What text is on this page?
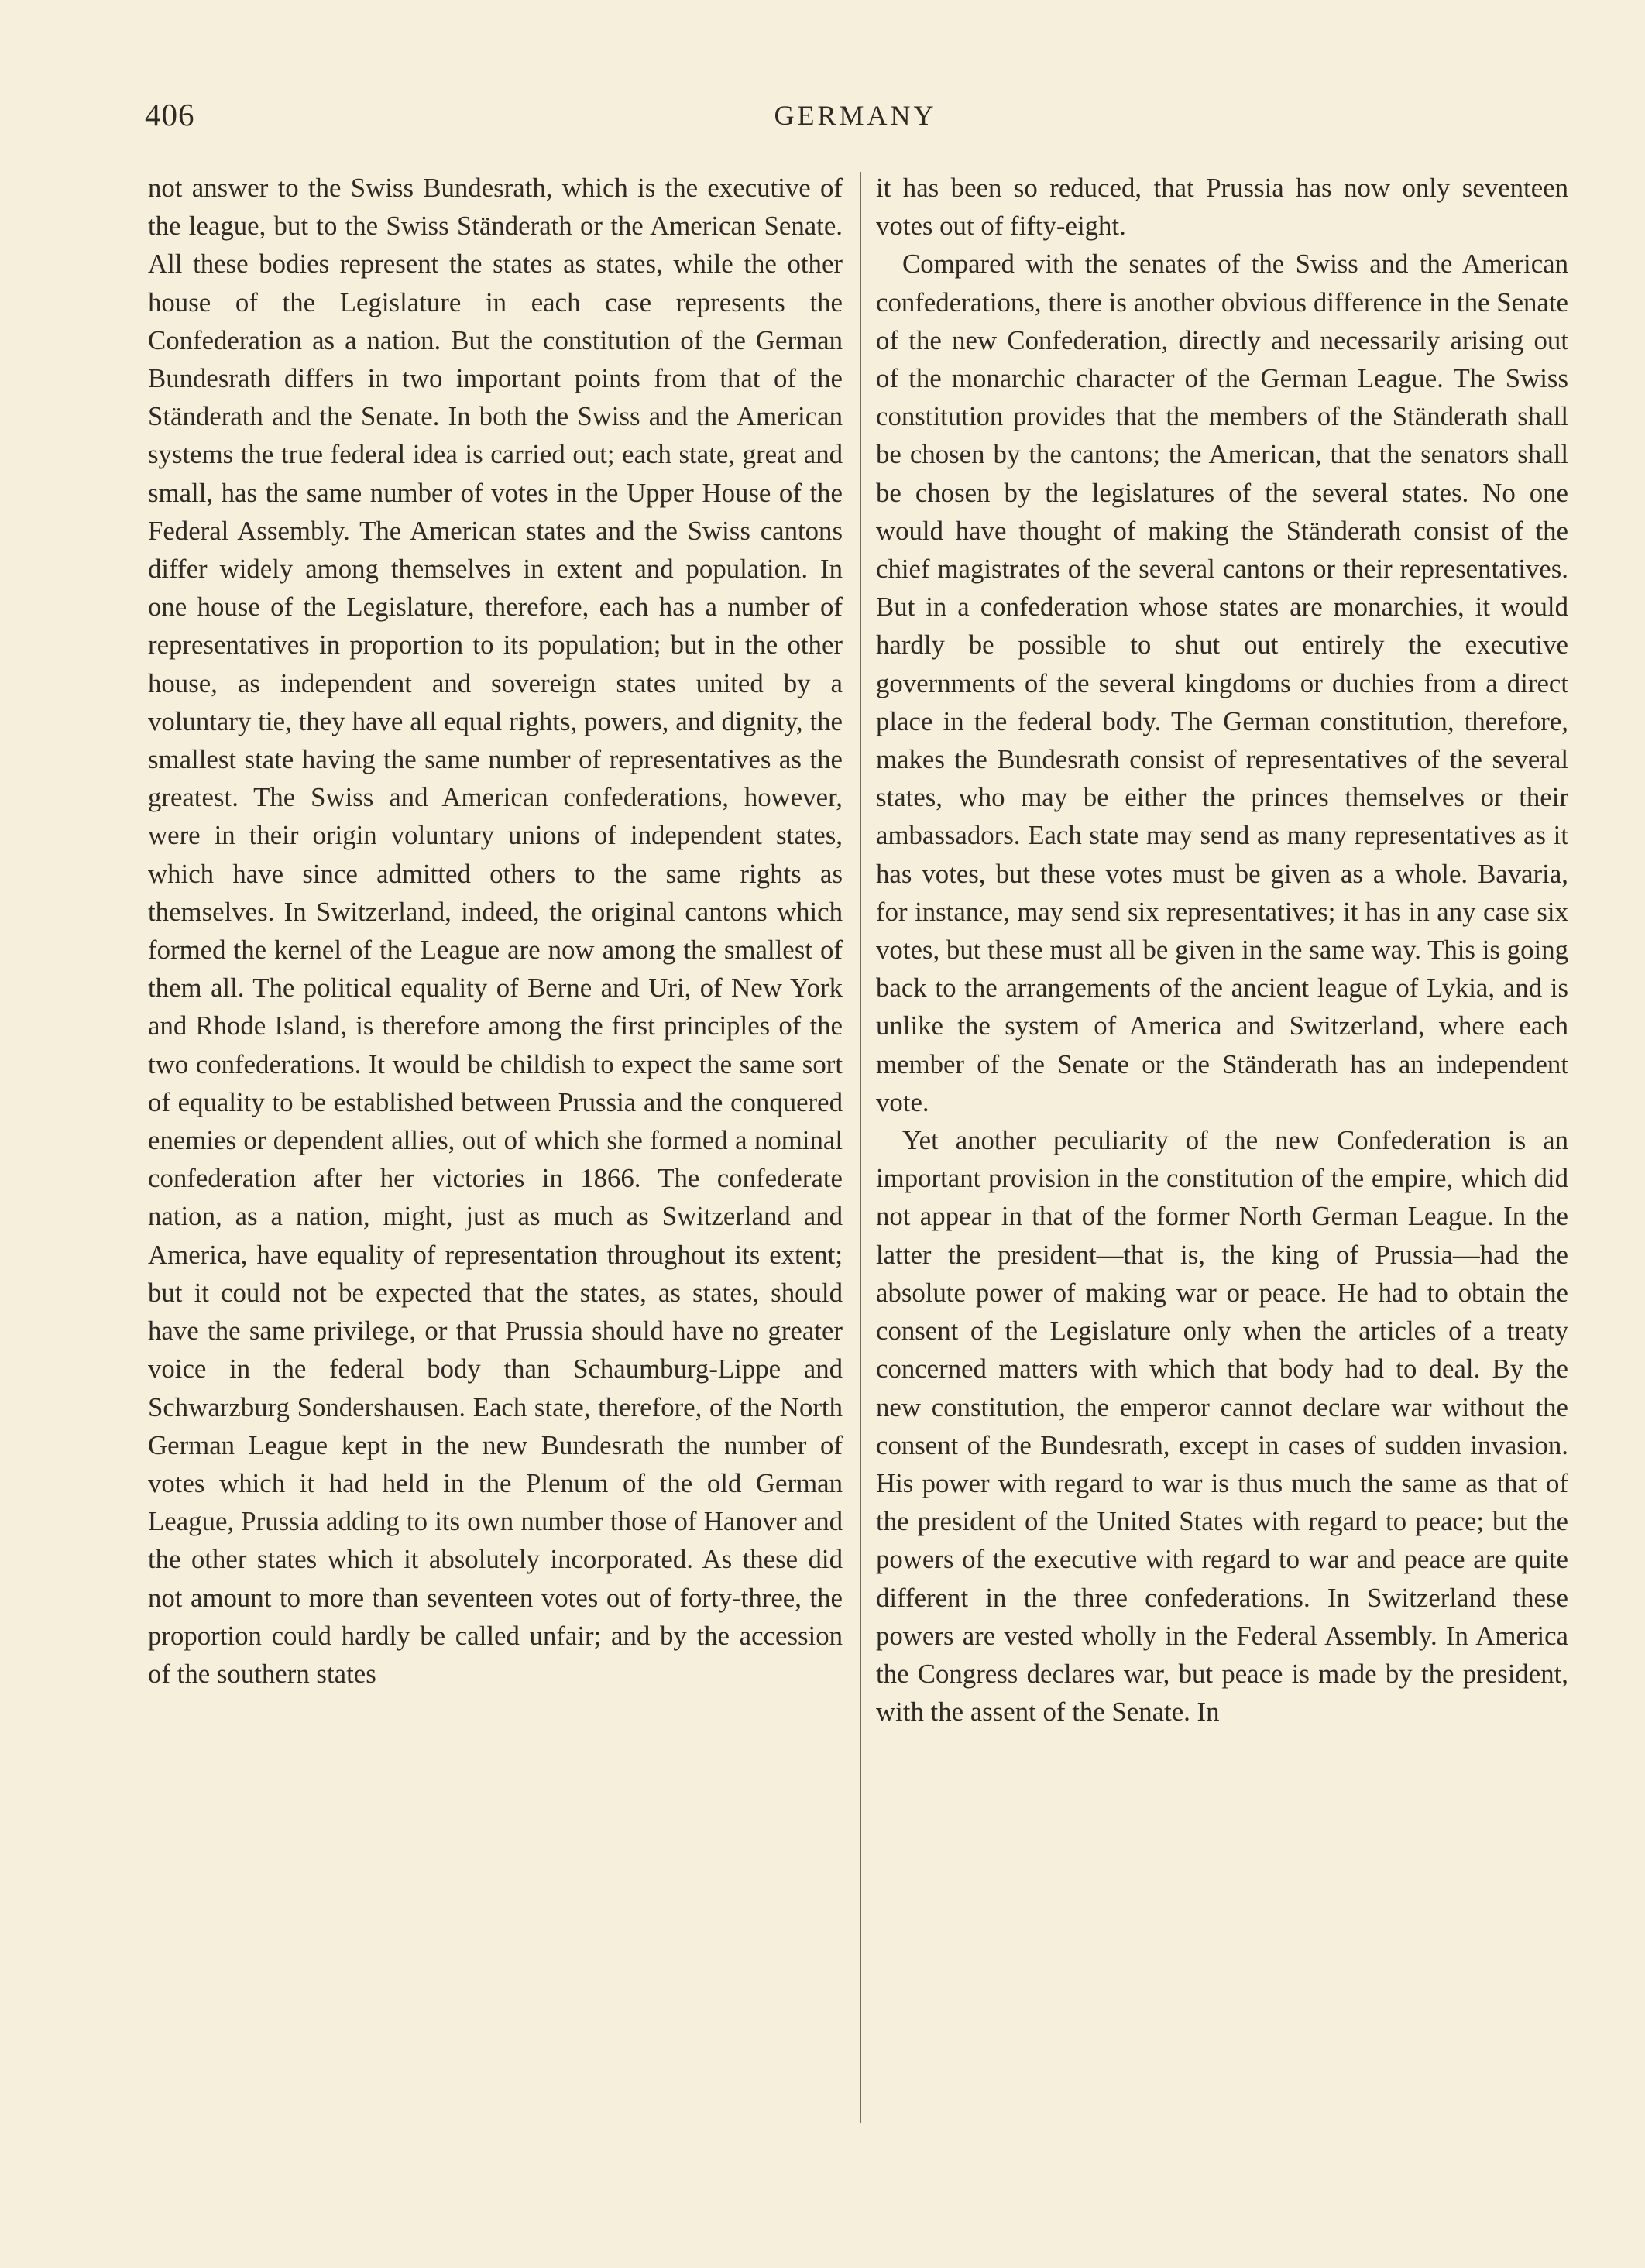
406	GERMANY

not answer to the Swiss Bundesrath, which is the executive of the league, but to the Swiss Ständerath or the American Senate. All these bodies represent the states as states, while the other house of the Legislature in each case represents the Confederation as a nation. But the constitution of the German Bundesrath differs in two important points from that of the Ständerath and the Senate. In both the Swiss and the American systems the true federal idea is carried out; each state, great and small, has the same number of votes in the Upper House of the Federal Assembly. The American states and the Swiss cantons differ widely among themselves in extent and population. In one house of the Legislature, therefore, each has a number of representatives in proportion to its population; but in the other house, as independent and sovereign states united by a voluntary tie, they have all equal rights, powers, and dignity, the smallest state having the same number of representatives as the greatest. The Swiss and American confederations, however, were in their origin voluntary unions of independent states, which have since admitted others to the same rights as themselves. In Switzerland, indeed, the original cantons which formed the kernel of the League are now among the smallest of them all. The political equality of Berne and Uri, of New York and Rhode Island, is therefore among the first principles of the two confederations. It would be childish to expect the same sort of equality to be established between Prussia and the conquered enemies or dependent allies, out of which she formed a nominal confederation after her victories in 1866. The confederate nation, as a nation, might, just as much as Switzerland and America, have equality of representation throughout its extent; but it could not be expected that the states, as states, should have the same privilege, or that Prussia should have no greater voice in the federal body than Schaumburg-Lippe and Schwarzburg Sondershausen. Each state, therefore, of the North German League kept in the new Bundesrath the number of votes which it had held in the Plenum of the old German League, Prussia adding to its own number those of Hanover and the other states which it absolutely incorporated. As these did not amount to more than seventeen votes out of forty-three, the proportion could hardly be called unfair; and by the accession of the southern states

it has been so reduced, that Prussia has now only seventeen votes out of fifty-eight.

Compared with the senates of the Swiss and the American confederations, there is another obvious difference in the Senate of the new Confederation, directly and necessarily arising out of the monarchic character of the German League. The Swiss constitution provides that the members of the Ständerath shall be chosen by the cantons; the American, that the senators shall be chosen by the legislatures of the several states. No one would have thought of making the Ständerath consist of the chief magistrates of the several cantons or their representatives. But in a confederation whose states are monarchies, it would hardly be possible to shut out entirely the executive governments of the several kingdoms or duchies from a direct place in the federal body. The German constitution, therefore, makes the Bundesrath consist of representatives of the several states, who may be either the princes themselves or their ambassadors. Each state may send as many representatives as it has votes, but these votes must be given as a whole. Bavaria, for instance, may send six representatives; it has in any case six votes, but these must all be given in the same way. This is going back to the arrangements of the ancient league of Lykia, and is unlike the system of America and Switzerland, where each member of the Senate or the Ständerath has an independent vote.

Yet another peculiarity of the new Confederation is an important provision in the constitution of the empire, which did not appear in that of the former North German League. In the latter the president—that is, the king of Prussia—had the absolute power of making war or peace. He had to obtain the consent of the Legislature only when the articles of a treaty concerned matters with which that body had to deal. By the new constitution, the emperor cannot declare war without the consent of the Bundesrath, except in cases of sudden invasion. His power with regard to war is thus much the same as that of the president of the United States with regard to peace; but the powers of the executive with regard to war and peace are quite different in the three confederations. In Switzerland these powers are vested wholly in the Federal Assembly. In America the Congress declares war, but peace is made by the president, with the assent of the Senate. In
